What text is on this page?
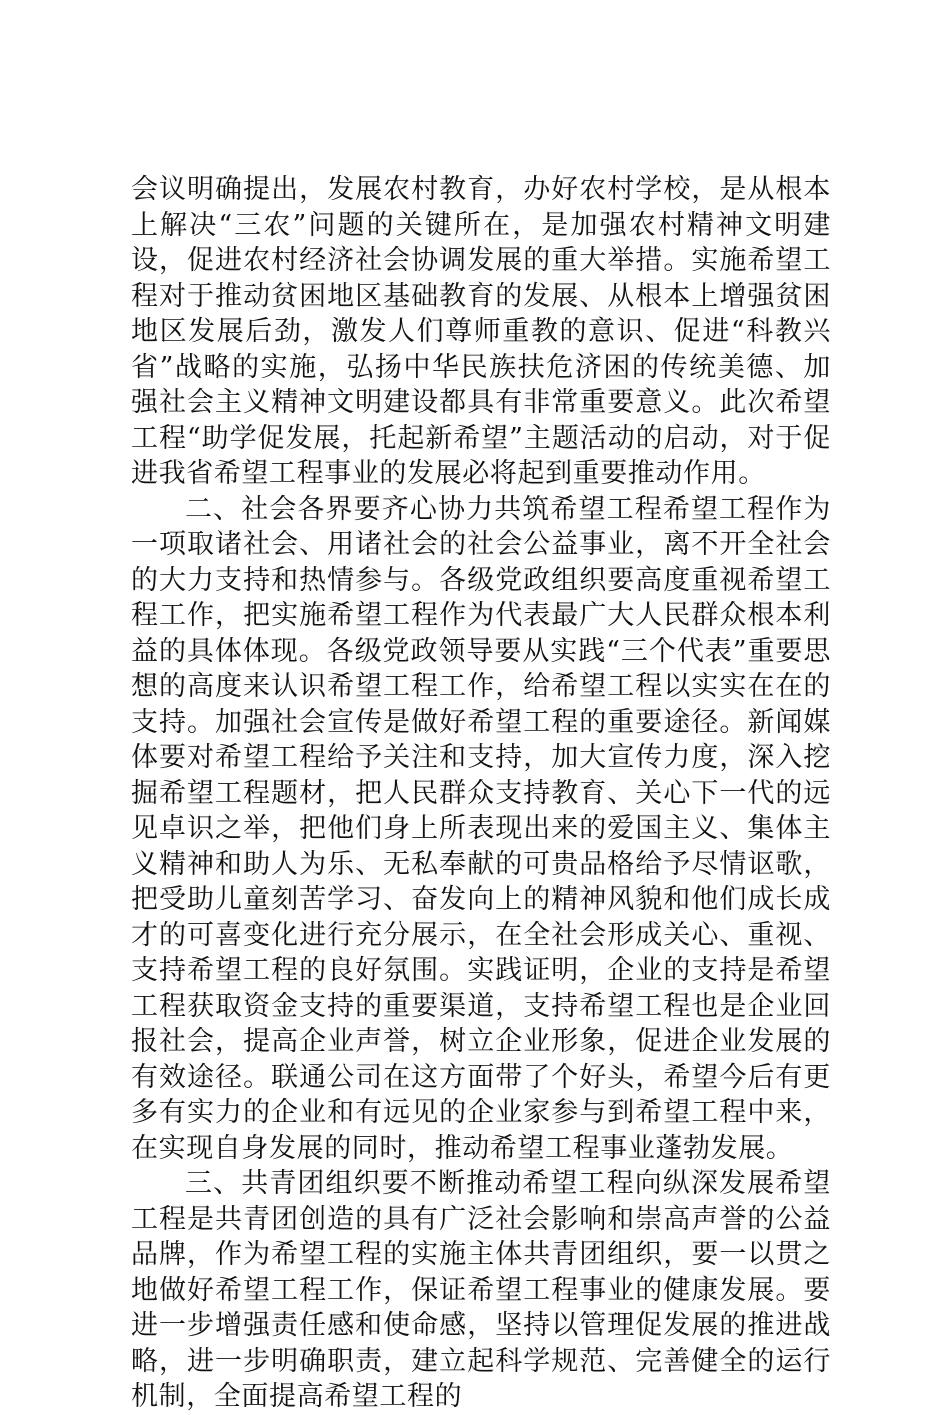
会议明确提出，发展农村教育，办好农村学校，是从根本上解决“三农”问题的关键所在，是加强农村精神文明建设，促进农村经济社会协调发展的重大举措。实施希望工程对于推动贫困地区基础教育的发展、从根本上增强贫困地区发展后劲，激发人们尊师重教的意识、促进“科教兴省”战略的实施，弘扬中华民族扶危济困的传统美德、加强社会主义精神文明建设都具有非常重要意义。此次希望工程“助学促发展，托起新希望”主题活动的启动，对于促进我省希望工程事业的发展必将起到重要推动作用。

二、社会各界要齐心协力共筑希望工程希望工程作为一项取诸社会、用诸社会的社会公益事业，离不开全社会的大力支持和热情参与。各级党政组织要高度重视希望工程工作，把实施希望工程作为代表最广大人民群众根本利益的具体体现。各级党政领导要从实践“三个代表”重要思想的高度来认识希望工程工作，给希望工程以实实在在的支持。加强社会宣传是做好希望工程的重要途径。新闻媒体要对希望工程给予关注和支持，加大宣传力度，深入挖掘希望工程题材，把人民群众支持教育、关心下一代的远见卓识之举，把他们身上所表现出来的爱国主义、集体主义精神和助人为乐、无私奉献的可贵品格给予尽情讴歌，把受助儿童刻苦学习、奋发向上的精神风貌和他们成长成才的可喜变化进行充分展示，在全社会形成关心、重视、支持希望工程的良好氛围。实践证明，企业的支持是希望工程获取资金支持的重要渠道，支持希望工程也是企业回报社会，提高企业声誉，树立企业形象，促进企业发展的有效途径。联通公司在这方面带了个好头，希望今后有更多有实力的企业和有远见的企业家参与到希望工程中来，在实现自身发展的同时，推动希望工程事业蓬勃发展。

三、共青团组织要不断推动希望工程向纵深发展希望工程是共青团创造的具有广泛社会影响和崇高声誉的公益品牌，作为希望工程的实施主体共青团组织，要一以贯之地做好希望工程工作，保证希望工程事业的健康发展。要进一步增强责任感和使命感，坚持以管理促发展的推进战略，进一步明确职责，建立起科学规范、完善健全的运行机制，全面提高希望工程的
